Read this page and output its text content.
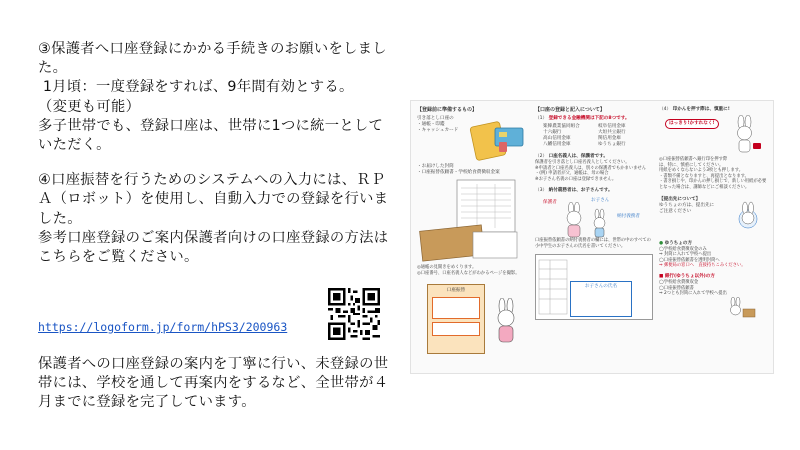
③保護者へ口座登録にかかる手続きのお願いをしました。

1月頃：一度登録をすれば、9年間有効とする。

（変更も可能）

多子世帯でも、登録口座は、世帯に1つに統一としていただく。

④口座振替を行うためのシステムへの入力には、ＲＰＡ（ロボット）を使用し、自動入力での登録を行いました。

参考口座登録のご案内保護者向けの口座登録の方法はこちらをご覧ください。

https://logoform.jp/form/hPS3/200963

保護者への口座登録の案内を丁寧に行い、未登録の世帯には、学校を通して再案内をするなど、全世帯が４月までに登録を完了しています。

【登録前に準備するもの】
引き落とし口座の
・通帳・印鑑
・キャッシュカード
・お届けした封筒
・口座振替依頼書・学校給食費徴収金案
◎通帳の見開きをめくります。
◎口座番号、口座名義人などがわかるページを撮影。
口座振替
【口座の登録と記入について】
（1） 登録できる金融機関は下記の8つです。
楽韓農業協同組合	岐阜信用金庫
十六銀行	大垣共立銀行
高山信用金庫	関信用金庫
八幡信用金庫	ゆうちょ銀行
（2） 口座名義人は、保護者です。
保護者を引き落とし口座名義人としてください。
※申請者と口座名義人は、別々の保護者でもかまいません
・(例) 申請者が父、通帳は、母の場合
※お子さん名義の口座は登録できません。
（3） 納付義務者は、お子さんです。
保護者	お子さん
納付義務者
口座振替依頼書の納付義務者の欄には、世帯の中のすべての小中学生のお子さんの氏名を書いてください。
お子さんの氏名
（4） 印かんを押す際は、慎重に!
はっきり!かすれなく!
◎口座振替依頼書へ銀行印を押す際
は、特に、慎重にしてください。
用紙をめくならないよう3枚とも押します。
・書類不備となりますと、再提出となります。
・書き損じや、印かんの押し損じで、新しい用紙が必要
となった場合は、講師などにご相談ください。
【提出先について】
ゆうちょの方は、提出先に
ご注意ください
● ゆうちょの方
◯学校給食費徴収金のみ
⇒ 封筒に入れて学校へ提出
◯口座振替依頼書を透明封筒へ
⇒ 郵便局の窓口へ　直接持ちこみください。
■ 銀行(ゆうちょ以外)の方
◯学校給食費徴収金
◯口座振替依頼書
⇒ 2つとも封筒に入れて学校へ提出
